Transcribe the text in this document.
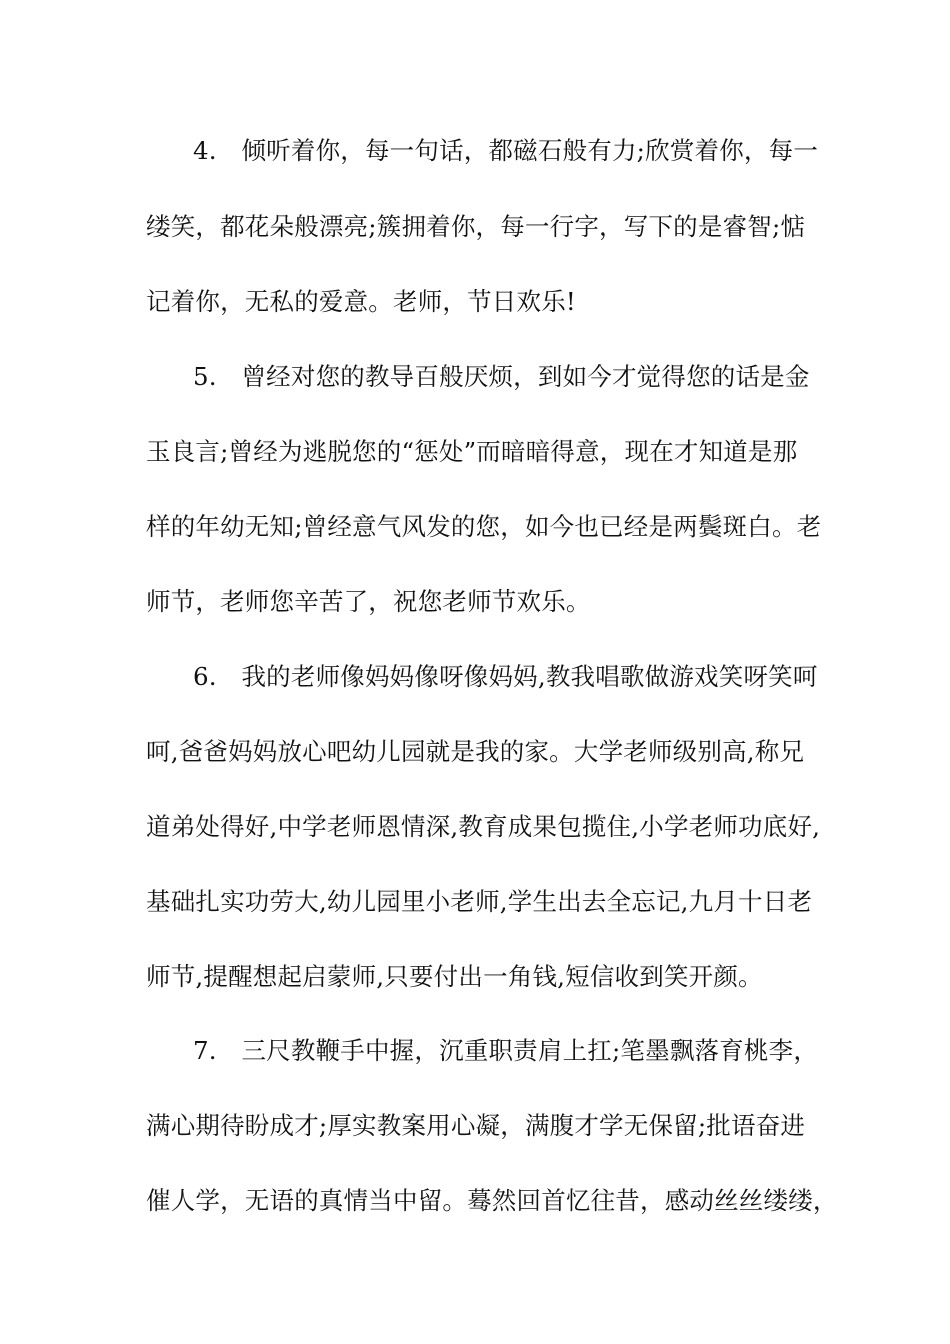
4.　倾听着你，每一句话，都磁石般有力;欣赏着你，每一
缕笑，都花朵般漂亮;簇拥着你，每一行字，写下的是睿智;惦
记着你，无私的爱意。老师，节日欢乐!
5.　曾经对您的教导百般厌烦，到如今才觉得您的话是金
玉良言;曾经为逃脱您的“惩处”而暗暗得意，现在才知道是那
样的年幼无知;曾经意气风发的您，如今也已经是两鬓斑白。老
师节，老师您辛苦了，祝您老师节欢乐。
6.　我的老师像妈妈像呀像妈妈,教我唱歌做游戏笑呀笑呵
呵,爸爸妈妈放心吧幼儿园就是我的家。大学老师级别高,称兄
道弟处得好,中学老师恩情深,教育成果包揽住,小学老师功底好,
基础扎实功劳大,幼儿园里小老师,学生出去全忘记,九月十日老
师节,提醒想起启蒙师,只要付出一角钱,短信收到笑开颜。
7.　三尺教鞭手中握，沉重职责肩上扛;笔墨飘落育桃李，
满心期待盼成才;厚实教案用心凝，满腹才学无保留;批语奋进
催人学，无语的真情当中留。蓦然回首忆往昔，感动丝丝缕缕，
